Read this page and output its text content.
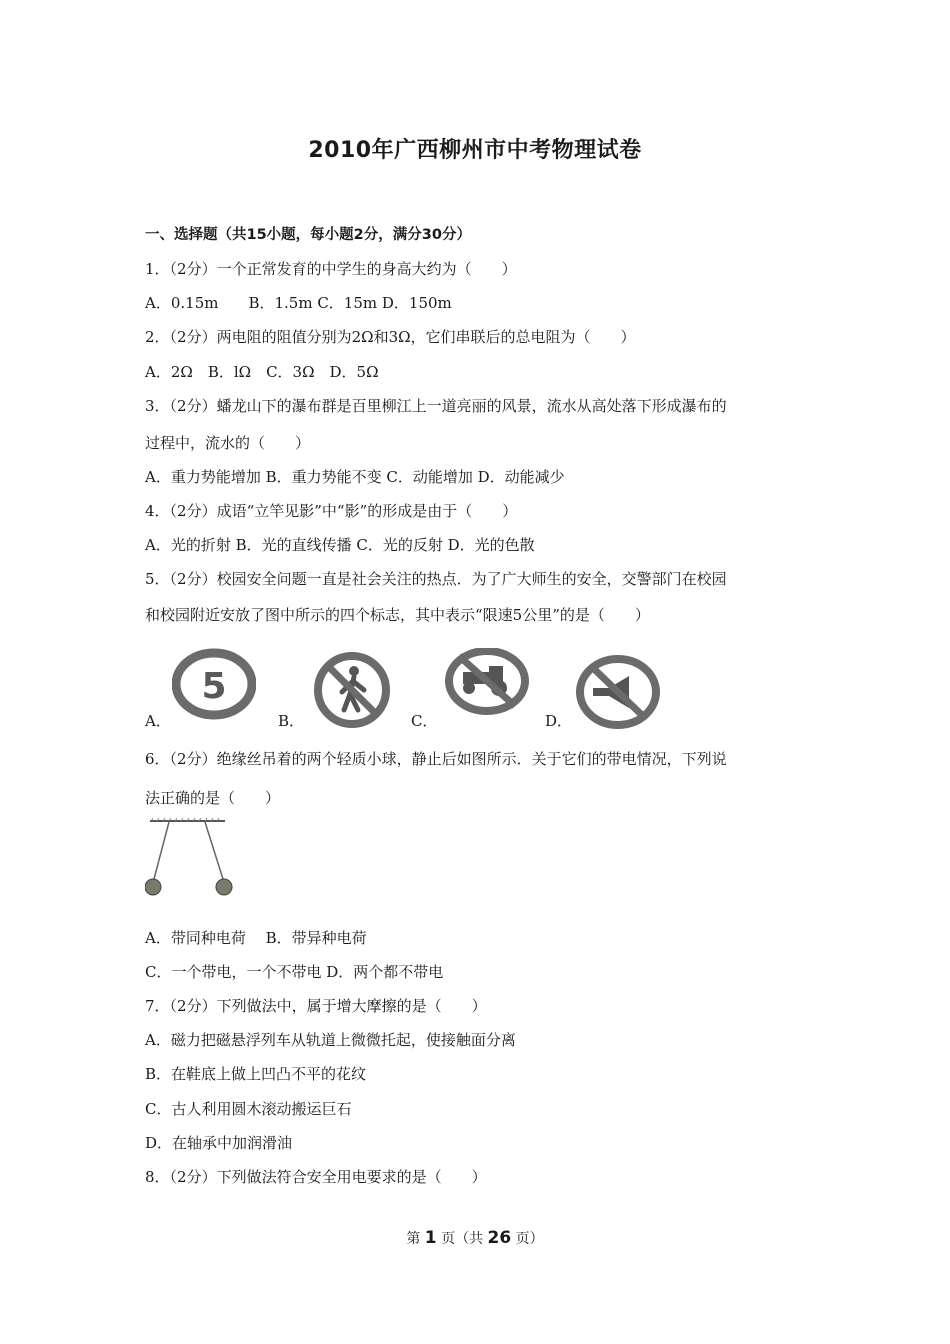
2010年广西柳州市中考物理试卷
一、选择题（共15小题，每小题2分，满分30分）
1．（2分）一个正常发育的中学生的身高大约为（　　）
A．0.15m　　B．1.5m C．15m D．150m
2．（2分）两电阻的阻值分别为2Ω和3Ω，它们串联后的总电阻为（　　）
A．2Ω　B．lΩ　C．3Ω　D．5Ω
3．（2分）蟠龙山下的瀑布群是百里柳江上一道亮丽的风景，流水从高处落下形成瀑布的
过程中，流水的（　　）
A．重力势能增加 B．重力势能不变 C．动能增加 D．动能减少
4．（2分）成语“立竿见影”中“影”的形成是由于（　　）
A．光的折射 B．光的直线传播 C．光的反射 D．光的色散
5．（2分）校园安全问题一直是社会关注的热点．为了广大师生的安全，交警部门在校园
和校园附近安放了图中所示的四个标志，其中表示“限速5公里”的是（　　）
A．
5
B．	C．	D．
6．（2分）绝缘丝吊着的两个轻质小球，静止后如图所示．关于它们的带电情况，下列说
法正确的是（　　）
A．带同种电荷　 B．带异种电荷
C．一个带电，一个不带电 D．两个都不带电
7．（2分）下列做法中，属于增大摩擦的是（　　）
A．磁力把磁悬浮列车从轨道上微微托起，使接触面分离
B．在鞋底上做上凹凸不平的花纹
C．古人利用圆木滚动搬运巨石
D．在轴承中加润滑油
8．（2分）下列做法符合安全用电要求的是（　　）
第 1 页（共 26 页）
